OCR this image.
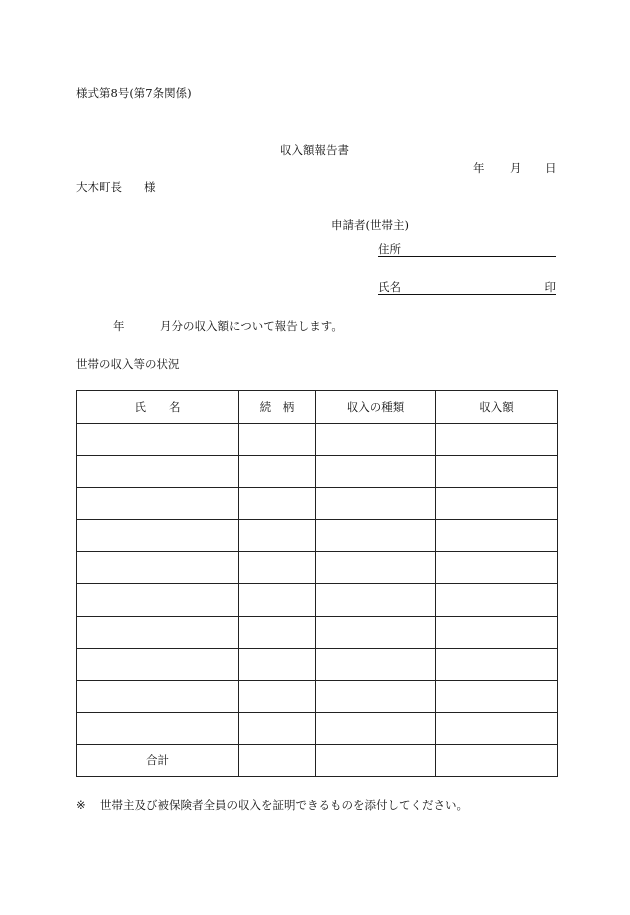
様式第8号(第7条関係)
収入額報告書
年 月 日
大木町長 様
申請者(世帯主)
住所
氏名	印
年	月分の収入額について報告します。
世帯の収入等の状況
氏　　名	続　柄	収入の種類	収入額

合計			
※ 世帯主及び被保険者全員の収入を証明できるものを添付してください。
